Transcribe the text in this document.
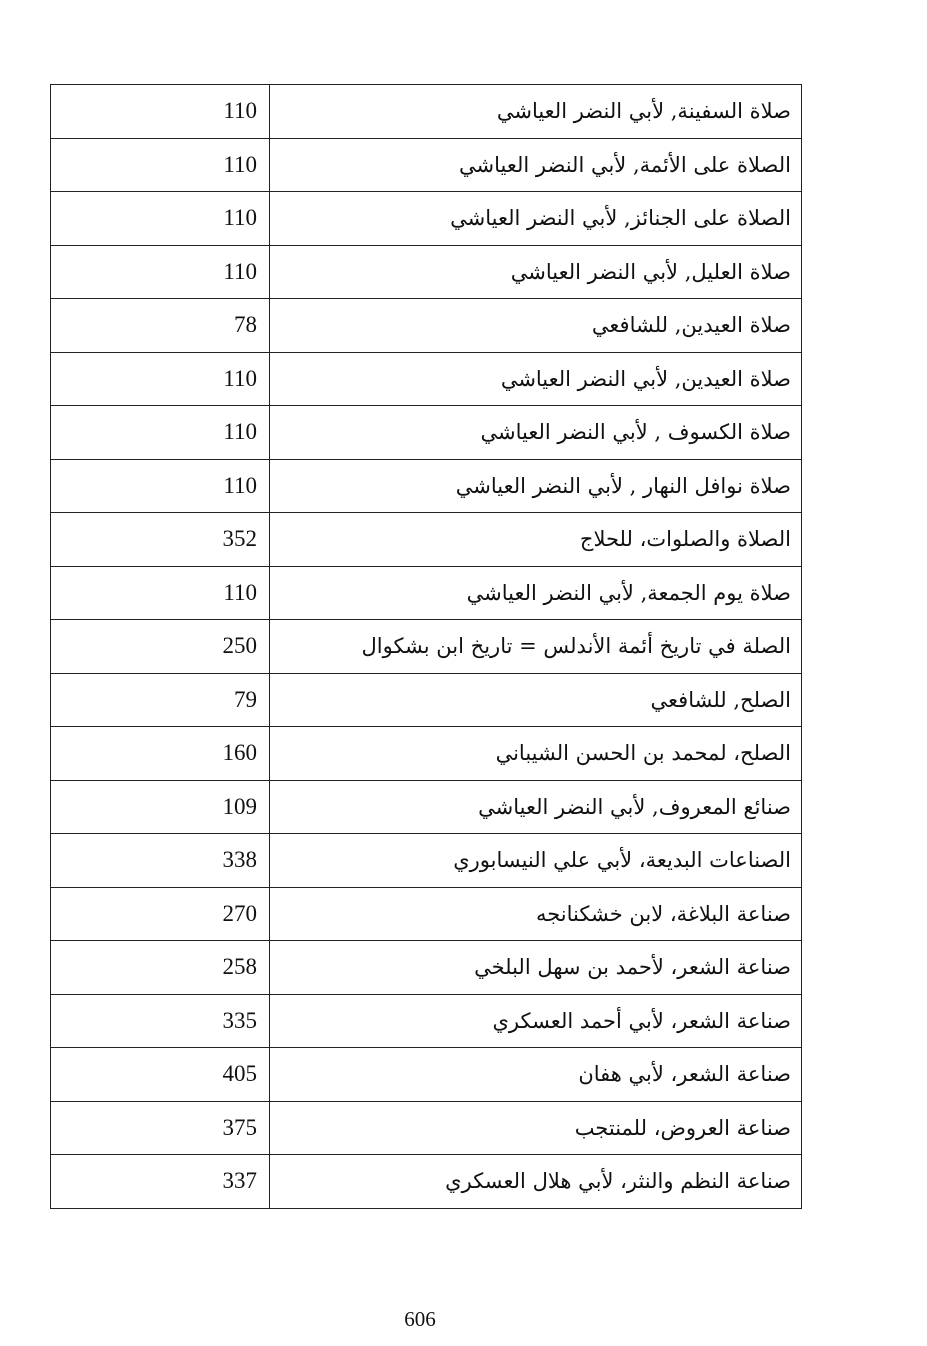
110	صلاة السفينة, لأبي النضر العياشي
110	الصلاة على الأئمة, لأبي النضر العياشي
110	الصلاة على الجنائز, لأبي النضر العياشي
110	صلاة العليل, لأبي النضر العياشي
78	صلاة العيدين, للشافعي
110	صلاة العيدين, لأبي النضر العياشي
110	صلاة الكسوف , لأبي النضر العياشي
110	صلاة نوافل النهار , لأبي النضر العياشي
352	الصلاة والصلوات، للحلاج
110	صلاة يوم الجمعة, لأبي النضر العياشي
250	الصلة في تاريخ أئمة الأندلس = تاريخ ابن بشكوال
79	الصلح, للشافعي
160	الصلح، لمحمد بن الحسن الشيباني
109	صنائع المعروف, لأبي النضر العياشي
338	الصناعات البديعة، لأبي علي النيسابوري
270	صناعة البلاغة، لابن خشكنانجه
258	صناعة الشعر، لأحمد بن سهل البلخي
335	صناعة الشعر، لأبي أحمد العسكري
405	صناعة الشعر، لأبي هفان
375	صناعة العروض، للمنتجب
337	صناعة النظم والنثر، لأبي هلال العسكري
606
